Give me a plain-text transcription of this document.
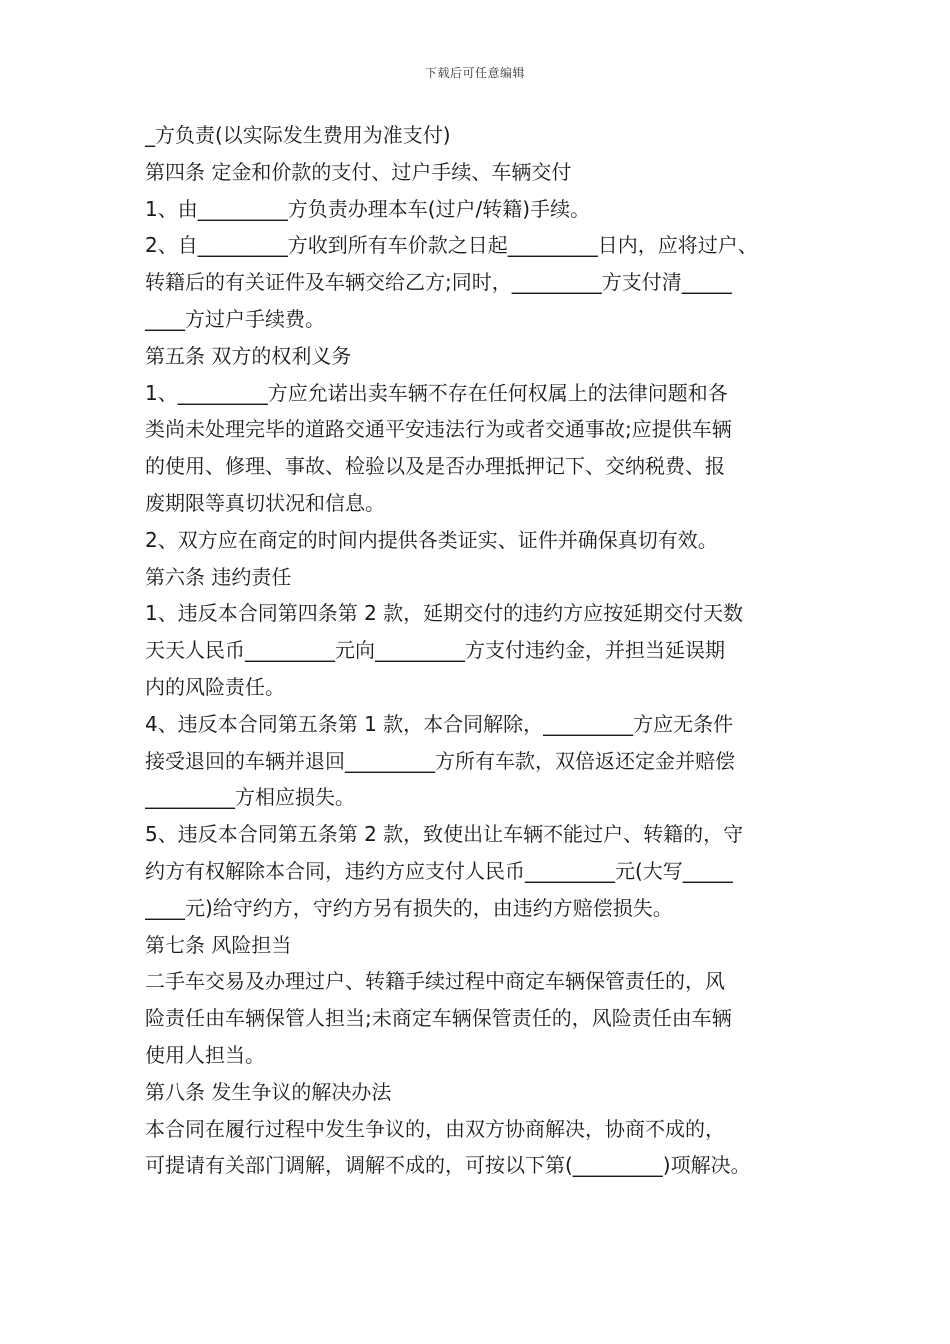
下载后可任意编辑
_方负责(以实际发生费用为准支付)
第四条 定金和价款的支付、过户手续、车辆交付
1、由_________方负责办理本车(过户/转籍)手续。
2、自_________方收到所有车价款之日起_________日内，应将过户、
转籍后的有关证件及车辆交给乙方;同时，_________方支付清_____
____方过户手续费。
第五条 双方的权利义务
1、_________方应允诺出卖车辆不存在任何权属上的法律问题和各
类尚未处理完毕的道路交通平安违法行为或者交通事故;应提供车辆
的使用、修理、事故、检验以及是否办理抵押记下、交纳税费、报
废期限等真切状况和信息。
2、双方应在商定的时间内提供各类证实、证件并确保真切有效。
第六条 违约责任
1、违反本合同第四条第 2 款，延期交付的违约方应按延期交付天数
天天人民币_________元向_________方支付违约金，并担当延误期
内的风险责任。
4、违反本合同第五条第 1 款，本合同解除，_________方应无条件
接受退回的车辆并退回_________方所有车款，双倍返还定金并赔偿
_________方相应损失。
5、违反本合同第五条第 2 款，致使出让车辆不能过户、转籍的，守
约方有权解除本合同，违约方应支付人民币_________元(大写_____
____元)给守约方，守约方另有损失的，由违约方赔偿损失。
第七条 风险担当
二手车交易及办理过户、转籍手续过程中商定车辆保管责任的，风
险责任由车辆保管人担当;未商定车辆保管责任的，风险责任由车辆
使用人担当。
第八条 发生争议的解决办法
本合同在履行过程中发生争议的，由双方协商解决，协商不成的，
可提请有关部门调解，调解不成的，可按以下第(_________)项解决。
